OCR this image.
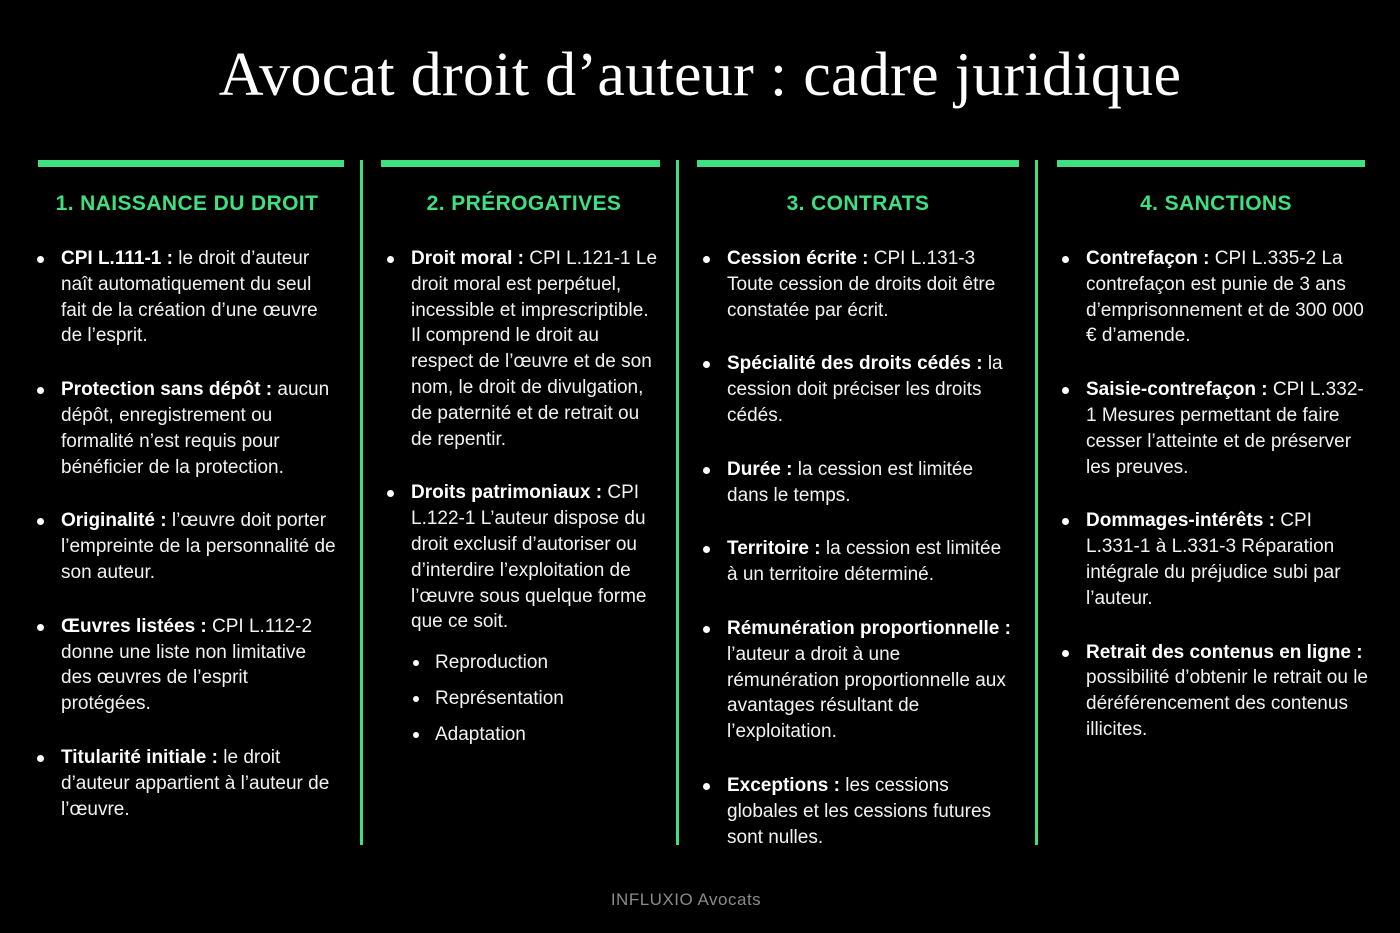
Avocat droit d’auteur : cadre juridique
1. NAISSANCE DU DROIT
CPI L.111-1 : le droit d’auteur naît automatiquement du seul fait de la création d’une œuvre de l’esprit.
Protection sans dépôt : aucun dépôt, enregistrement ou formalité n’est requis pour bénéficier de la protection.
Originalité : l’œuvre doit porter l’empreinte de la personnalité de son auteur.
Œuvres listées : CPI L.112-2 donne une liste non limitative des œuvres de l’esprit protégées.
Titularité initiale : le droit d’auteur appartient à l’auteur de l’œuvre.
2. PRÉROGATIVES
Droit moral : CPI L.121-1 Le droit moral est perpétuel, incessible et imprescriptible. Il comprend le droit au respect de l’œuvre et de son nom, le droit de divulgation, de paternité et de retrait ou de repentir.
Droits patrimoniaux : CPI L.122-1 L’auteur dispose du droit exclusif d’autoriser ou d’interdire l’exploitation de l’œuvre sous quelque forme que ce soit.
Reproduction
Représentation
Adaptation
3. CONTRATS
Cession écrite : CPI L.131-3 Toute cession de droits doit être constatée par écrit.
Spécialité des droits cédés : la cession doit préciser les droits cédés.
Durée : la cession est limitée dans le temps.
Territoire : la cession est limitée à un territoire déterminé.
Rémunération proportionnelle : l’auteur a droit à une rémunération proportionnelle aux avantages résultant de l’exploitation.
Exceptions : les cessions globales et les cessions futures sont nulles.
4. SANCTIONS
Contrefaçon : CPI L.335-2 La contrefaçon est punie de 3 ans d’emprisonnement et de 300 000 € d’amende.
Saisie-contrefaçon : CPI L.332-1 Mesures permettant de faire cesser l’atteinte et de préserver les preuves.
Dommages-intérêts : CPI L.331-1 à L.331-3 Réparation intégrale du préjudice subi par l’auteur.
Retrait des contenus en ligne : possibilité d’obtenir le retrait ou le déréférencement des contenus illicites.
INFLUXIO Avocats
